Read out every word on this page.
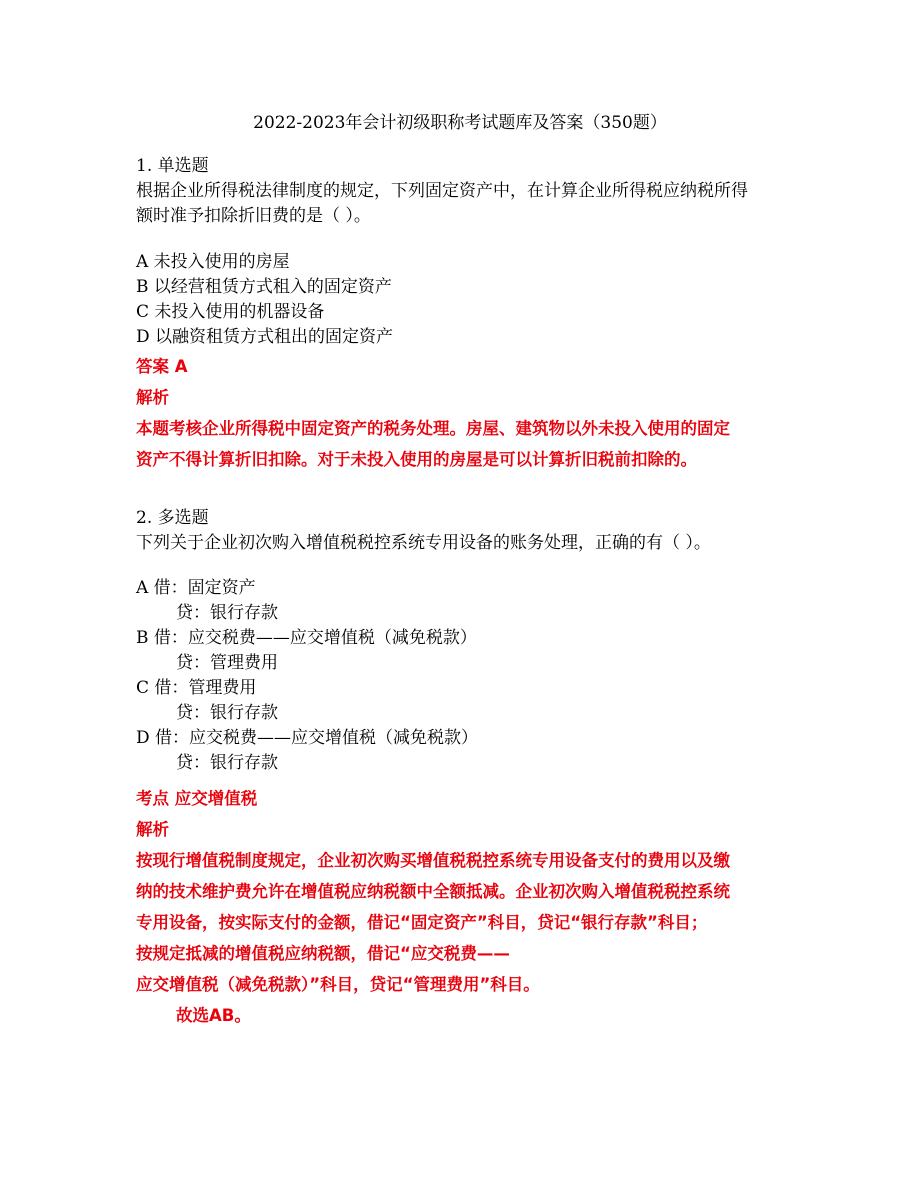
2022-2023年会计初级职称考试题库及答案（350题）
1. 单选题
根据企业所得税法律制度的规定，下列固定资产中，在计算企业所得税应纳税所得
额时准予扣除折旧费的是（ ）。
A 未投入使用的房屋
B 以经营租赁方式租入的固定资产
C 未投入使用的机器设备
D 以融资租赁方式租出的固定资产
答案 A
解析
本题考核企业所得税中固定资产的税务处理。房屋、建筑物以外未投入使用的固定
资产不得计算折旧扣除。对于未投入使用的房屋是可以计算折旧税前扣除的。
2. 多选题
下列关于企业初次购入增值税税控系统专用设备的账务处理，正确的有（ ）。
A 借：固定资产
贷：银行存款
B 借：应交税费——应交增值税（减免税款）
贷：管理费用
C 借：管理费用
贷：银行存款
D 借：应交税费——应交增值税（减免税款）
贷：银行存款
考点 应交增值税
解析
按现行增值税制度规定，企业初次购买增值税税控系统专用设备支付的费用以及缴
纳的技术维护费允许在增值税应纳税额中全额抵减。企业初次购入增值税税控系统
专用设备，按实际支付的金额，借记“固定资产”科目，贷记“银行存款”科目；
按规定抵减的增值税应纳税额，借记“应交税费——
应交增值税（减免税款）”科目，贷记“管理费用”科目。
故选AB。
